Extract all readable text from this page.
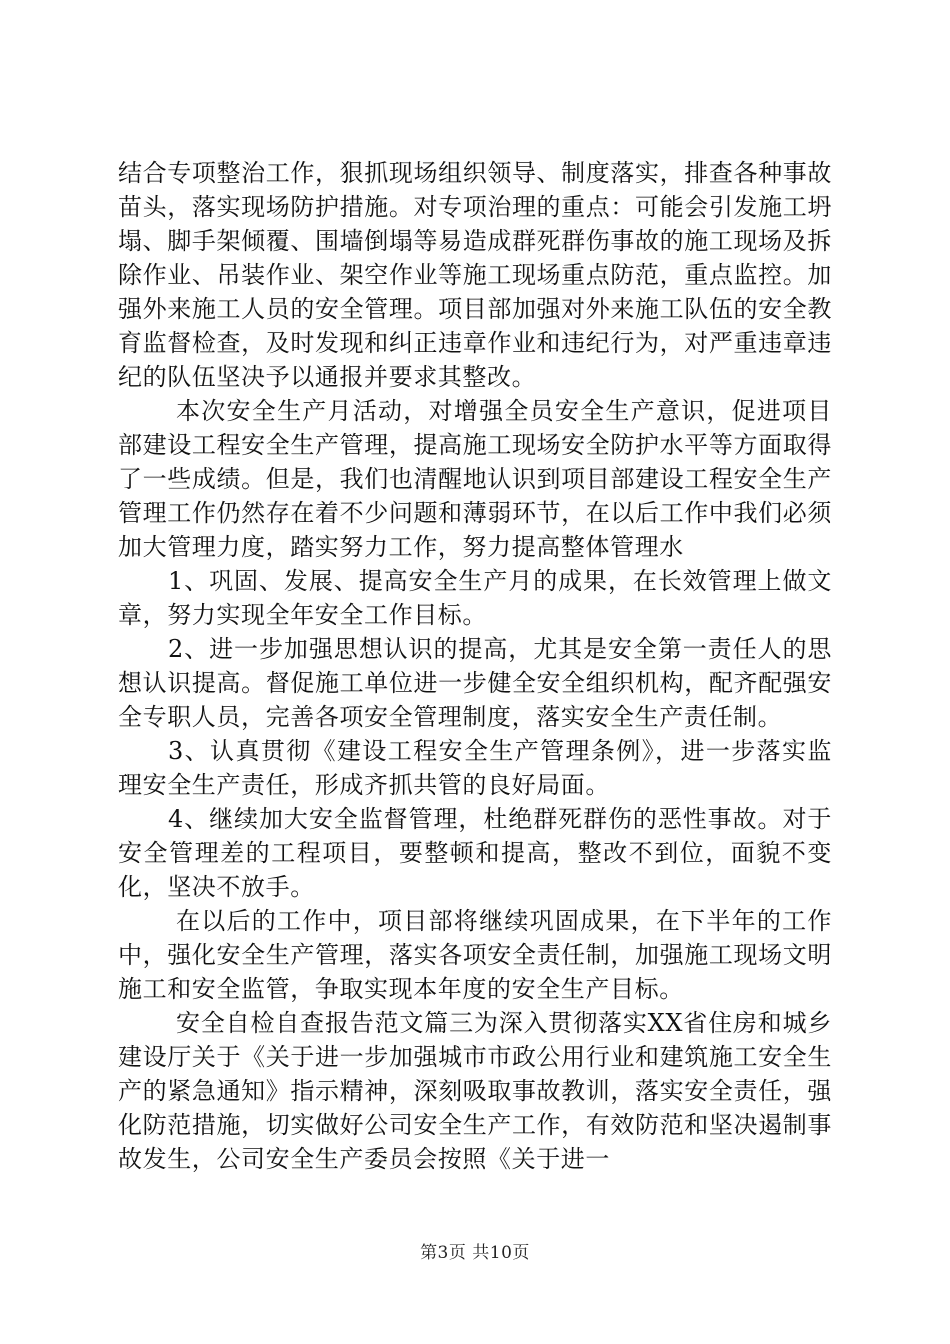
结合专项整治工作，狠抓现场组织领导、制度落实，排查各种事故苗头，落实现场防护措施。对专项治理的重点：可能会引发施工坍塌、脚手架倾覆、围墙倒塌等易造成群死群伤事故的施工现场及拆除作业、吊装作业、架空作业等施工现场重点防范，重点监控。加强外来施工人员的安全管理。项目部加强对外来施工队伍的安全教育监督检查，及时发现和纠正违章作业和违纪行为，对严重违章违纪的队伍坚决予以通报并要求其整改。

本次安全生产月活动，对增强全员安全生产意识，促进项目部建设工程安全生产管理，提高施工现场安全防护水平等方面取得了一些成绩。但是，我们也清醒地认识到项目部建设工程安全生产管理工作仍然存在着不少问题和薄弱环节，在以后工作中我们必须加大管理力度，踏实努力工作，努力提高整体管理水

1、巩固、发展、提高安全生产月的成果，在长效管理上做文章，努力实现全年安全工作目标。

2、进一步加强思想认识的提高，尤其是安全第一责任人的思想认识提高。督促施工单位进一步健全安全组织机构，配齐配强安全专职人员，完善各项安全管理制度，落实安全生产责任制。

3、认真贯彻《建设工程安全生产管理条例》，进一步落实监理安全生产责任，形成齐抓共管的良好局面。

4、继续加大安全监督管理，杜绝群死群伤的恶性事故。对于安全管理差的工程项目，要整顿和提高，整改不到位，面貌不变化，坚决不放手。

在以后的工作中，项目部将继续巩固成果，在下半年的工作中，强化安全生产管理，落实各项安全责任制，加强施工现场文明施工和安全监管，争取实现本年度的安全生产目标。

安全自检自查报告范文篇三为深入贯彻落实XX省住房和城乡建设厅关于《关于进一步加强城市市政公用行业和建筑施工安全生产的紧急通知》指示精神，深刻吸取事故教训，落实安全责任，强化防范措施，切实做好公司安全生产工作，有效防范和坚决遏制事故发生，公司安全生产委员会按照《关于进一

第3页 共10页
